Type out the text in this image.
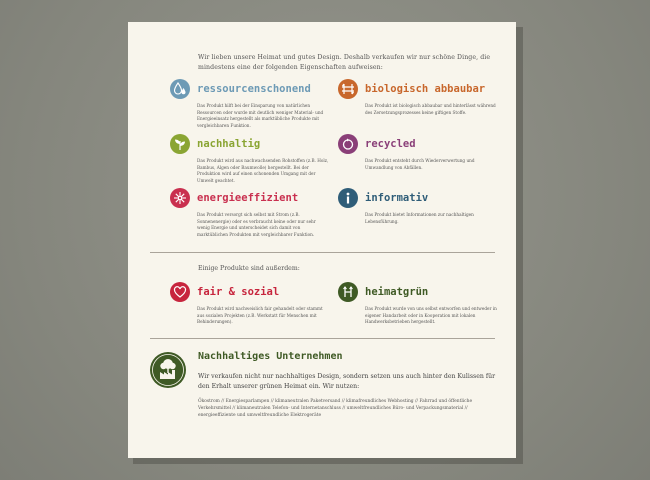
Wir lieben unsere Heimat und gutes Design. Deshalb verkaufen wir nur schöne Dinge, die mindestens eine der folgenden Eigenschaften aufweisen:
ressourcenschonend
Das Produkt hilft bei der Einsparung von natürlichen Ressourcen oder wurde mit deutlich weniger Material- und Energieeinsatz hergestellt als marktübliche Produkte mit vergleichbaren Funktion.
biologisch abbaubar
Das Produkt ist biologisch abbaubar und hinterlässt während des Zersetzungsprozesses keine giftigen Stoffe.
nachhaltig
Das Produkt wird aus nachwachsenden Rohstoffen (z.B. Holz, Bambus, Algen oder Baumwolle) hergestellt. Bei der Produktion wird auf einen schonenden Umgang mit der Umwelt geachtet.
recycled
Das Produkt entsteht durch Wiederverwertung und Umwandlung von Abfällen.
energieeffizient
Das Produkt versorgt sich selbst mit Strom (z.B. Sonnenenergie) oder es verbraucht keine oder nur sehr wenig Energie und unterscheidet sich damit von marktüblichen Produkten mit vergleichbarer Funktion.
informativ
Das Produkt bietet Informationen zur nachhaltigen Lebensführung.
Einige Produkte sind außerdem:
fair & sozial
Das Produkt wird nachweislich fair gehandelt oder stammt aus sozialen Projekten (z.B. Werkstatt für Menschen mit Behinderungen).
heimatgrün
Das Produkt wurde von uns selbst entworfen und entweder in eigener Handarbeit oder in Kooperation mit lokalen Handwerksbetrieben hergestellt.
Nachhaltiges Unternehmen
Wir verkaufen nicht nur nachhaltiges Design, sondern setzen uns auch hinter den Kulissen für den Erhalt unserer grünen Heimat ein. Wir nutzen:
Ökostrom // Energiesparlampen // klimaneutralen Paketversand // klimafreundliches Webhosting // Fahrrad und öffentliche Verkehrsmittel // klimaneutralen Telefon- und Internetanschluss // umweltfreundliches Büro- und Verpackungsmaterial // energieeffiziente und umweltfreundliche Elektrogeräte
